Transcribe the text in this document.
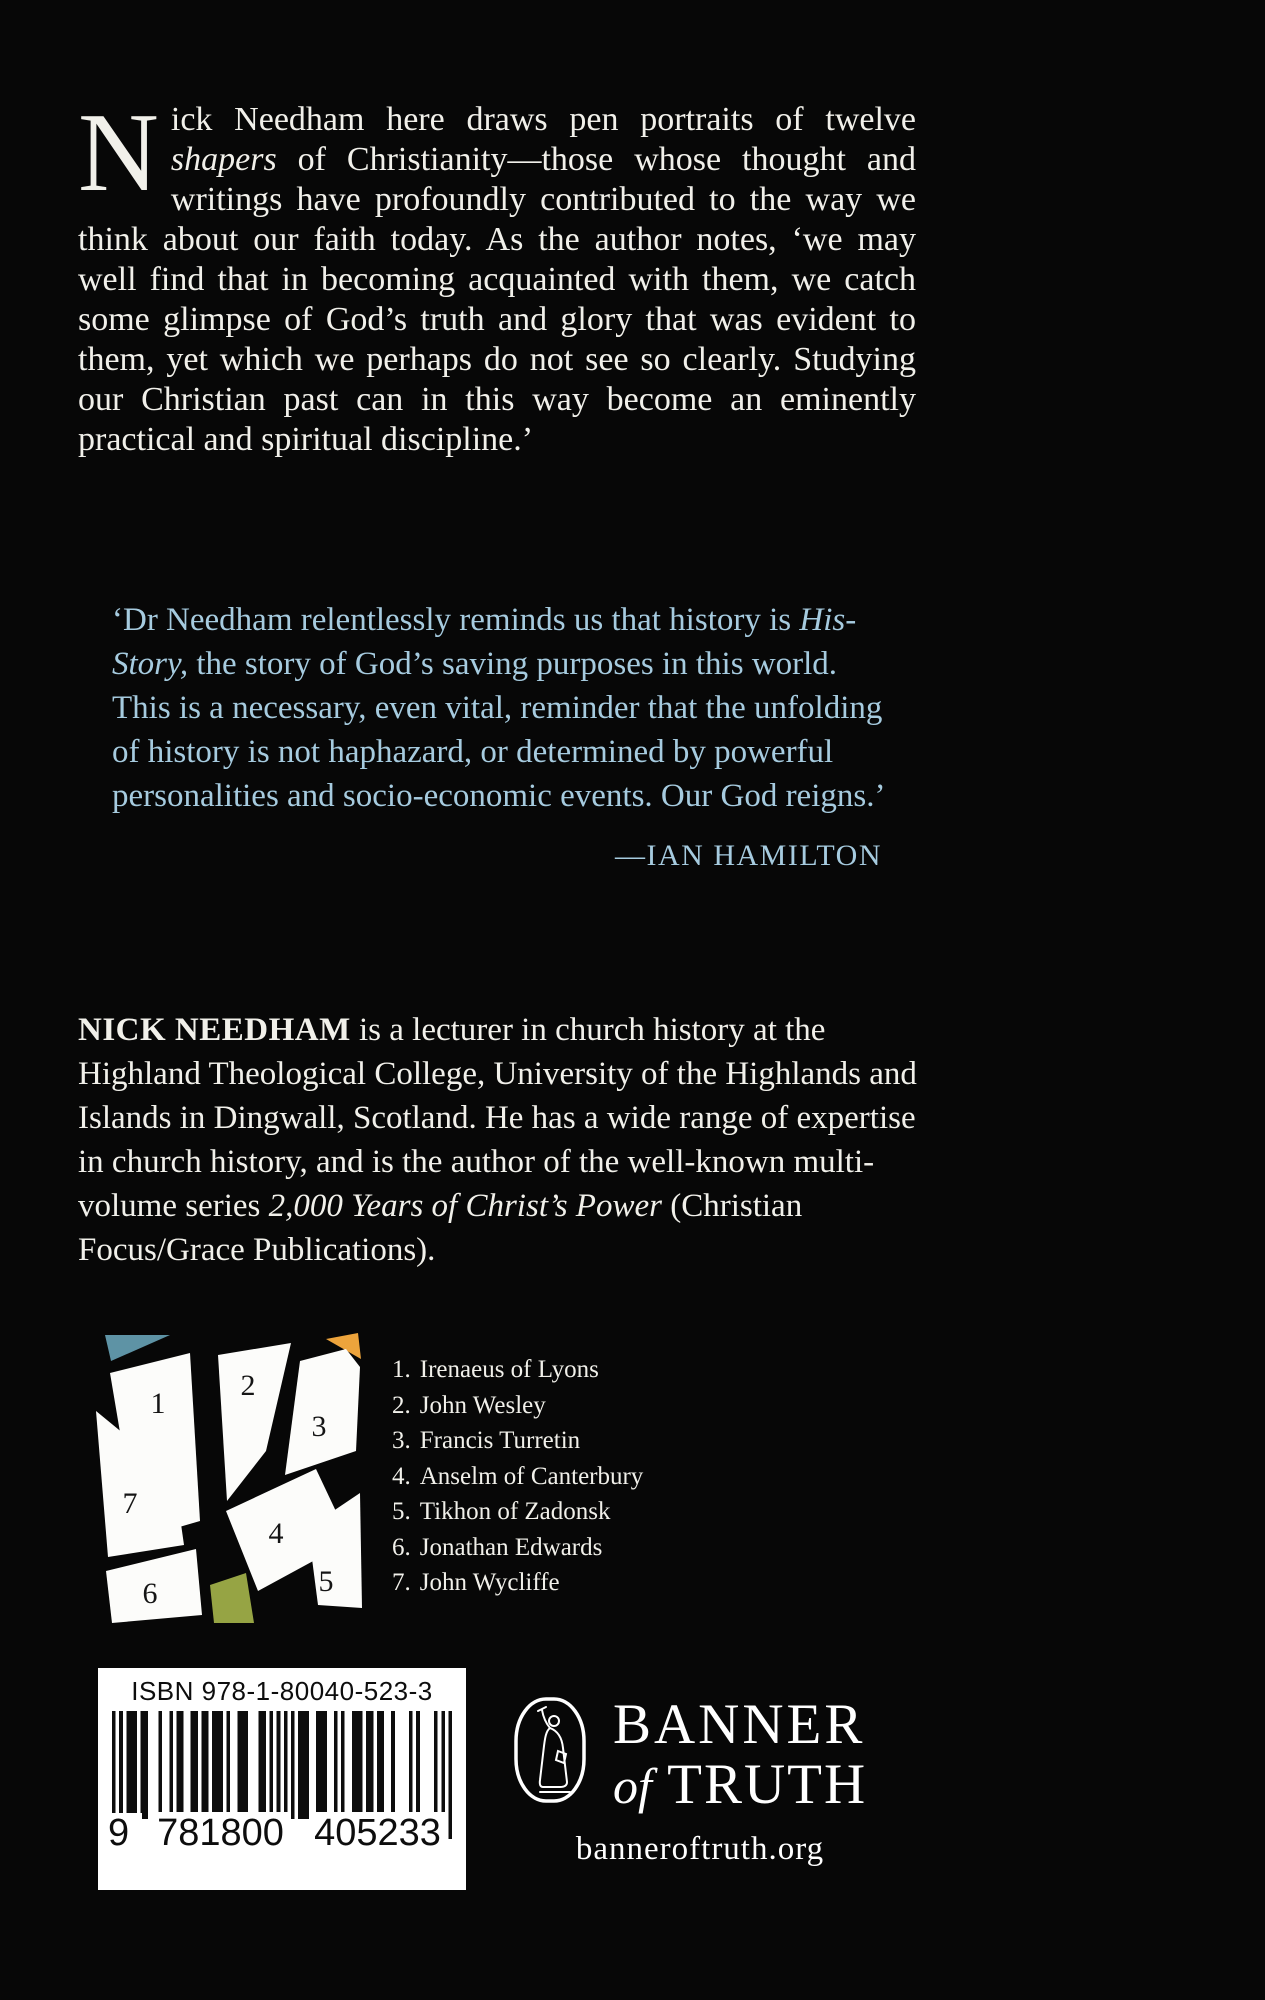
Nick Needham here draws pen portraits of twelve shapers of Christianity—those whose thought and writings have profoundly contributed to the way we think about our faith today. As the author notes, ‘we may well find that in becoming acquainted with them, we catch some glimpse of God’s truth and glory that was evident to them, yet which we perhaps do not see so clearly. Studying our Christian past can in this way become an eminently practical and spiritual discipline.’
‘Dr Needham relentlessly reminds us that history is His-Story, the story of God’s saving purposes in this world. This is a necessary, even vital, reminder that the unfolding of history is not haphazard, or determined by powerful personalities and socio-economic events. Our God reigns.’
—IAN HAMILTON
NICK NEEDHAM is a lecturer in church history at the Highland Theological College, University of the Highlands and Islands in Dingwall, Scotland. He has a wide range of expertise in church history, and is the author of the well-known multi-volume series 2,000 Years of Christ’s Power (Christian Focus/Grace Publications).
1
2
3
4
5
6
7
1. Irenaeus of Lyons
2. John Wesley
3. Francis Turretin
4. Anselm of Canterbury
5. Tikhon of Zadonsk
6. Jonathan Edwards
7. John Wycliffe
ISBN 978-1-80040-523-3
9 781800 405233
BANNER
of TRUTH
banneroftruth.org
